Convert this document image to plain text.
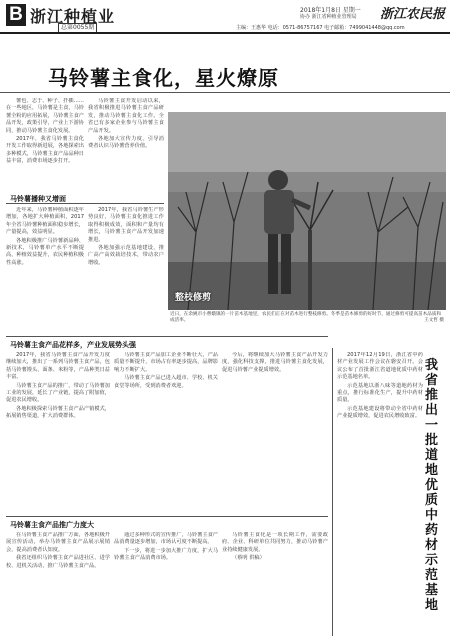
B 浙江种植业
总第0055期
2018年1月8日 星期一
协办 浙江省种植业管理局 浙江农民报
主编：王惠华 电话：0571-86757167 电子邮箱：7499041448@qq.com
马铃薯主食化，星火燎原

薯也、志于、种子、扦插……在一些地区，马铃薯是主食，马铃薯全粉的应用拓展，马铃薯主食产品开发，政策引导，产业上下游协同，推动马铃薯主食化发展。

2017年，我省马铃薯主食化开发工作取得新进展，各地探索出多种模式，马铃薯主食产品品种日益丰富，消费市场逐步打开。

马铃薯主食开发启动以来，我省积极推进马铃薯主食产品研发，推动马铃薯主食化工作。全省已有多家企业参与马铃薯主食产品开发。

各地加大宣传力度，引导消费者认识马铃薯营养价值。

马铃薯播种又增面

近年来，马铃薯种植面积逐年增加，各地扩大种植面积，2017年全省马铃薯种植面积稳步增长，产量提高，效益明显。

各地积极推广马铃薯新品种、新技术，马铃薯单产水平不断提高，种植效益提升，农民种植积极性高涨。

2017年，我省马铃薯生产形势良好，马铃薯主食化推进工作取得积极成效，面积和产量均有增长，马铃薯主食产品开发加速推进。

各地加强示范基地建设，推广高产高效栽培技术，带动农户增收。

整枝修剪
近日，在余姚市小曹娥镇的一片苗木基地里，农民们正在对苗木进行整枝修剪。冬季是苗木修剪的好时节，通过修剪可提高苗木品质和成活率。	王文哲 摄
马铃薯主食产品花样多，产业发展势头强

2017年，我省马铃薯主食产品开发力度继续加大，推出了一系列马铃薯主食产品，包括马铃薯馒头、面条、米粉等，产品种类日益丰富。

马铃薯主食产品的推广，带动了马铃薯加工业的发展，延长了产业链，提高了附加值，促进农民增收。

各地积极探索马铃薯主食产品产销模式，拓展销售渠道，扩大消费群体。

马铃薯主食产品加工企业不断壮大，产品质量不断提升，市场占有率逐步提高，品牌影响力不断扩大。

马铃薯主食产品已进入超市、学校、机关食堂等场所，受到消费者欢迎。

今后，将继续加大马铃薯主食产品开发力度，强化科技支撑，推进马铃薯主食化发展，促进马铃薯产业提质增效。

马铃薯主食产品推广力度大

在马铃薯主食产品推广方面，各地积极开展宣传活动，举办马铃薯主食产品展示展销会，提高消费者认知度。

我省还组织马铃薯主食产品进社区、进学校、进机关活动，推广马铃薯主食产品。

通过多种形式的宣传推广，马铃薯主食产品消费量逐步增加，市场认可度不断提高。

下一步，将进一步加大推广力度，扩大马铃薯主食产品消费市场。

马铃薯主食化是一项长期工作，需要政府、企业、科研单位共同努力，推动马铃薯产业持续健康发展。

（蔡明 供稿）

2017年12月19日，浙江省中药材产业发展工作会议在磐安召开。会议公布了首批浙江省道地优质中药材示范基地名单。

示范基地以浙八味等道地药材为重点，推行标准化生产，提升中药材质量。

示范基地建设将带动全省中药材产业提质增效，促进农民增收致富。

我省推出一批道地优质中药材示范基地
